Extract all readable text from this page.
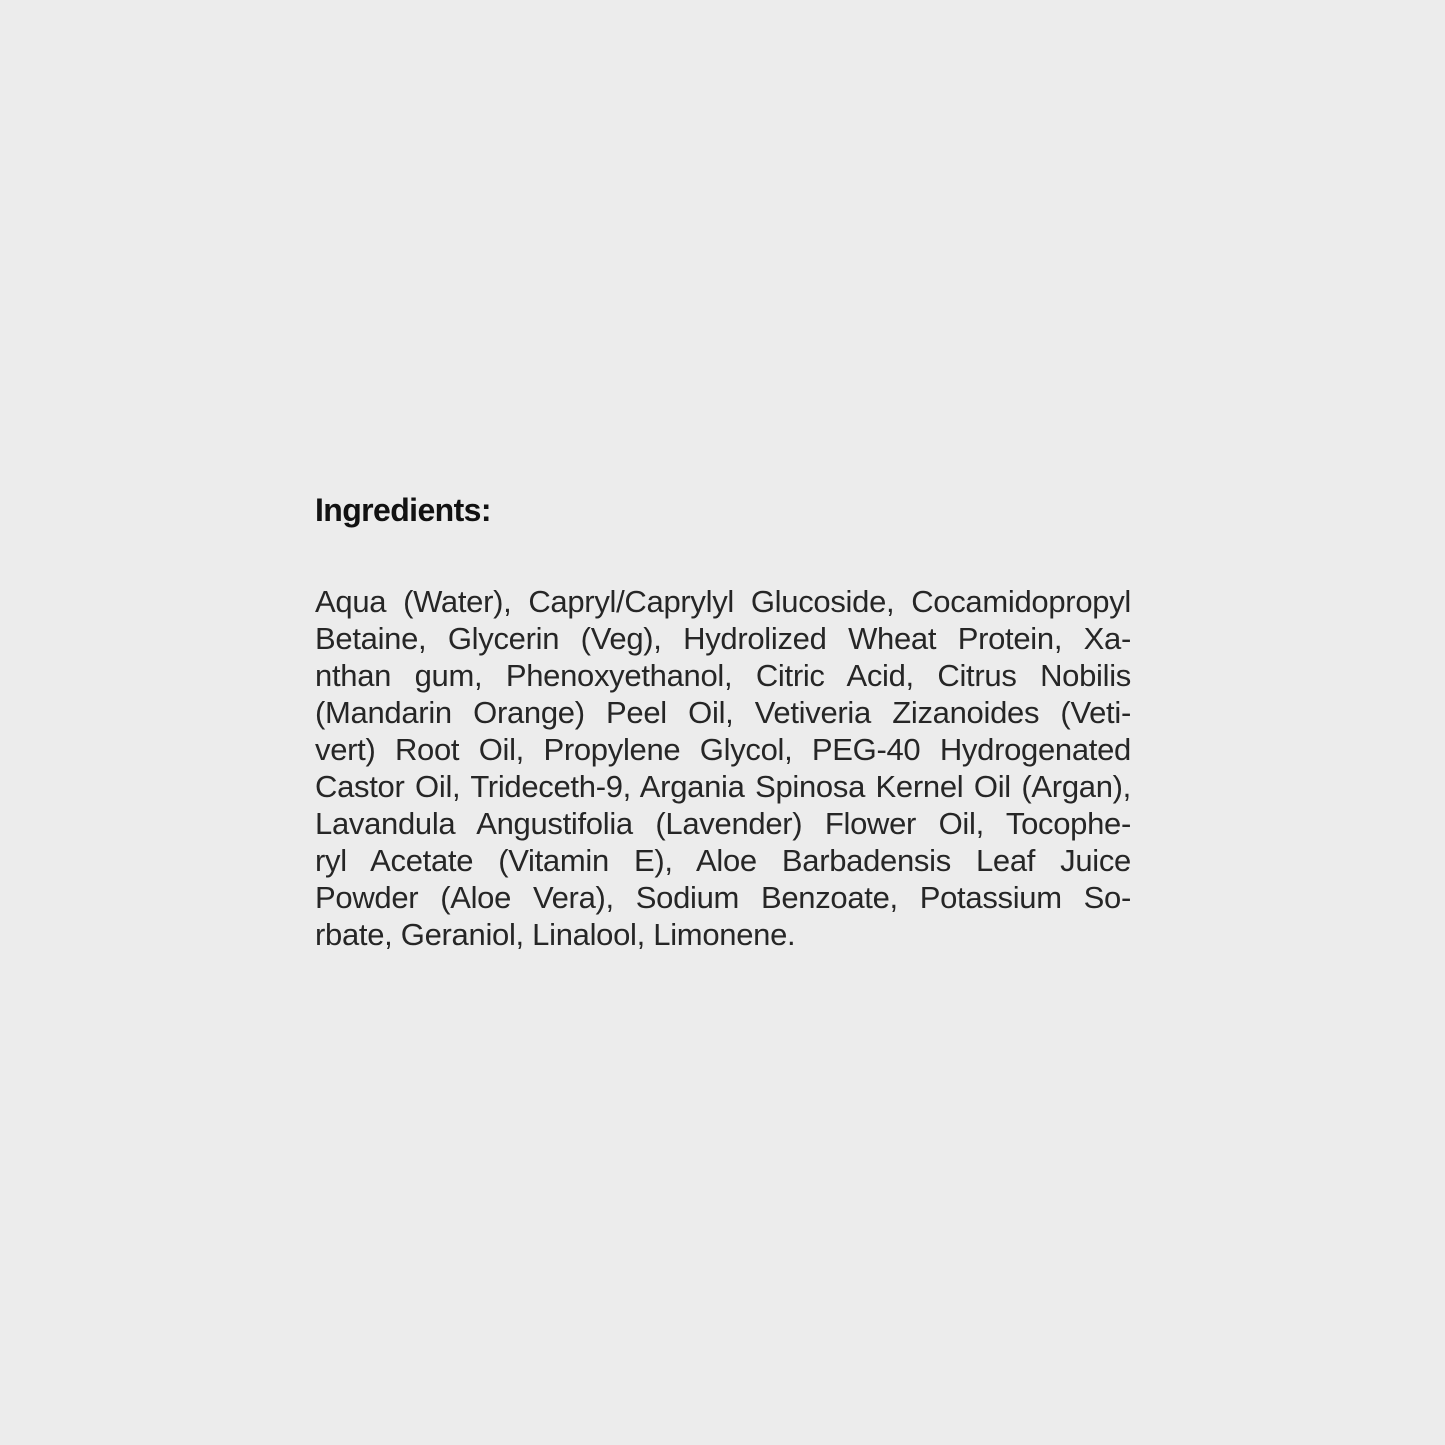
Ingredients:
Aqua (Water), Capryl/Caprylyl Glucoside, Cocamidopropyl
Betaine, Glycerin (Veg), Hydrolized Wheat Protein, Xa-
nthan gum, Phenoxyethanol, Citric Acid, Citrus Nobilis
(Mandarin Orange) Peel Oil, Vetiveria Zizanoides (Veti-
vert) Root Oil, Propylene Glycol, PEG-40 Hydrogenated
Castor Oil, Trideceth-9, Argania Spinosa Kernel Oil (Argan),
Lavandula Angustifolia (Lavender) Flower Oil, Tocophe-
ryl Acetate (Vitamin E), Aloe Barbadensis Leaf Juice
Powder (Aloe Vera), Sodium Benzoate, Potassium So-
rbate, Geraniol, Linalool, Limonene.
